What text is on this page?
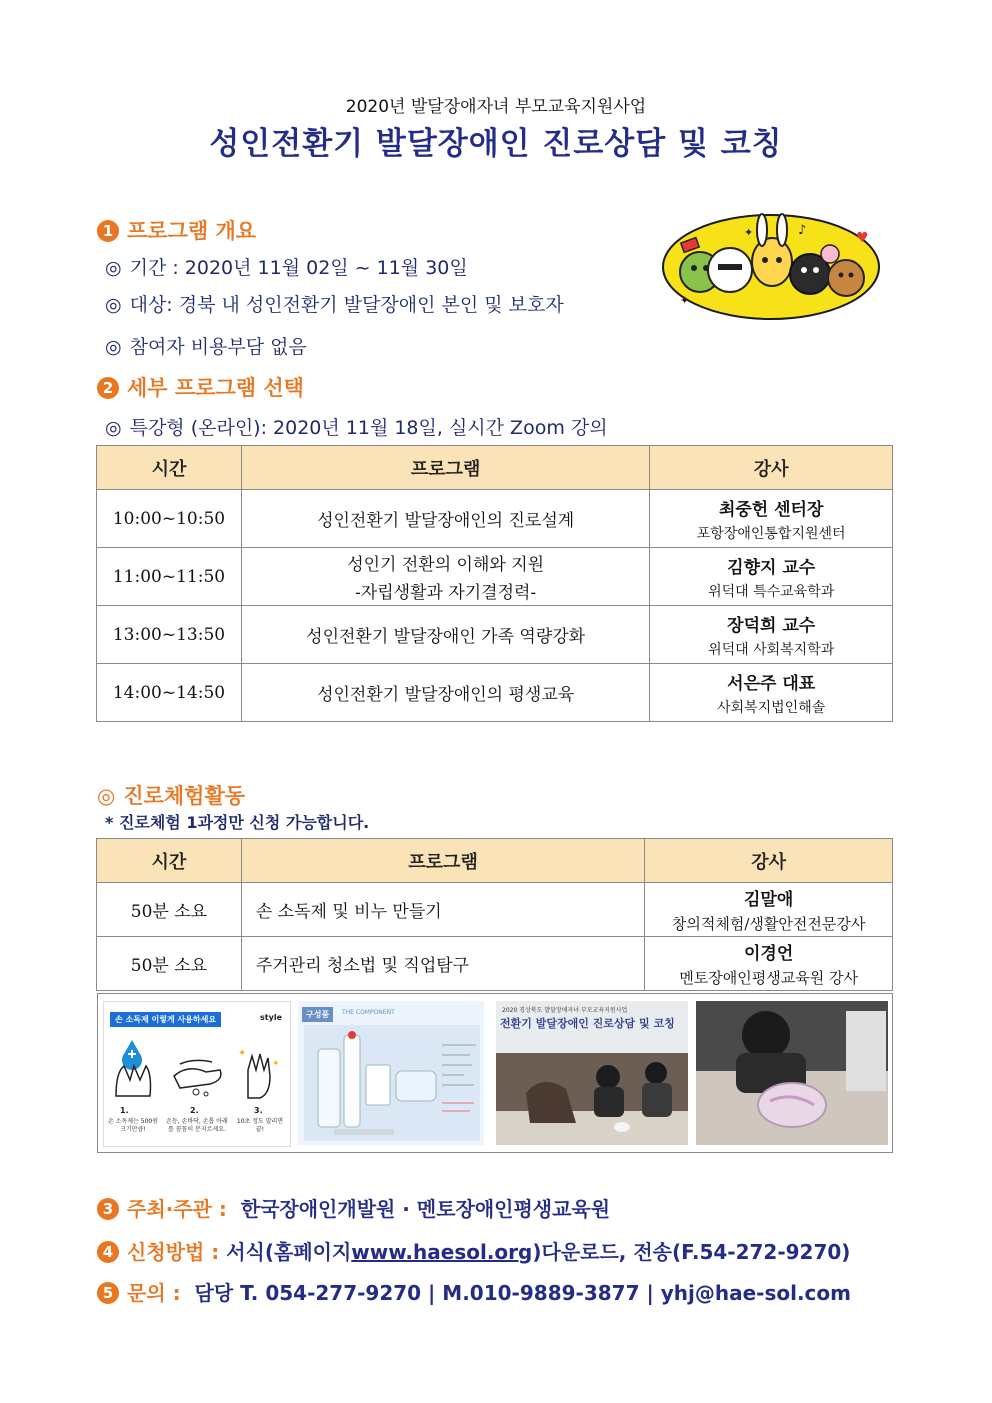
2020년 발달장애자녀 부모교육지원사업
성인전환기 발달장애인 진로상담 및 코칭
1 프로그램 개요
◎ 기간 : 2020년 11월 02일 ~ 11월 30일
◎ 대상: 경북 내 성인전환기 발달장애인 본인 및 보호자
◎ 참여자 비용부담 없음
♥
♪
✦
✦
2 세부 프로그램 선택
◎ 특강형 (온라인): 2020년 11월 18일, 실시간 Zoom 강의
시간	프로그램	강사
10:00~10:50	성인전환기 발달장애인의 진로설계	최중헌 센터장
포항장애인통합지원센터

11:00~11:50	성인기 전환의 이해와 지원
-자립생활과 자기결정력-	김향지 교수
위덕대 특수교육학과

13:00~13:50	성인전환기 발달장애인 가족 역량강화	장덕희 교수
위덕대 사회복지학과

14:00~14:50	성인전환기 발달장애인의 평생교육	서은주 대표
사회복지법인해솔
◎ 진로체험활동
* 진로체험 1과정만 신청 가능합니다.
시간	프로그램	강사
50분 소요	손 소독제 및 비누 만들기	김말애
창의적체험/생활안전전문강사

50분 소요	주거관리 청소법 및 직업탐구	이경언
멘토장애인평생교육원 강사
손 소독제 이렇게 사용하세요	style
✦
✦
1.	2.	3.
손 소독제는 500원 크기만큼!
손등, 손바닥, 손톱 아래를 꼼꼼히 문지르세요.
10초 정도 말리면 끝!
구성품	THE COMPONENT	2020 경상북도 발달장애자녀 부모교육지원사업
전환기 발달장애인 진로상담 및 코칭
3 주최·주관 : 한국장애인개발원 · 멘토장애인평생교육원
4 신청방법 : 서식(홈페이지www.haesol.org)다운로드, 전송(F.54-272-9270)
5 문의 : 담당 T. 054-277-9270 | M.010-9889-3877 | yhj@hae-sol.com
